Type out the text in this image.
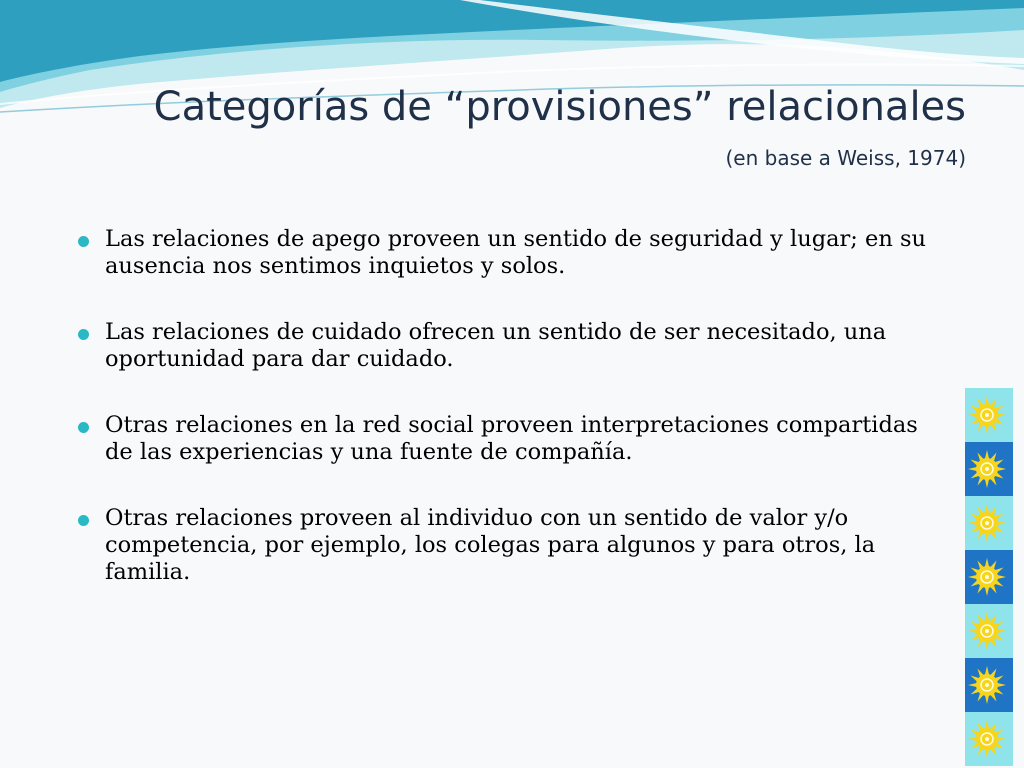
Categorías de “provisiones” relacionales
(en base a Weiss, 1974)
Las relaciones de apego proveen un sentido de seguridad y lugar; en su ausencia nos sentimos inquietos y solos.
Las relaciones de cuidado ofrecen un sentido de ser necesitado, una oportunidad para dar cuidado.
Otras relaciones en la red social proveen interpretaciones compartidas de las experiencias y una fuente de compañía.
Otras relaciones proveen al individuo con un sentido de valor y/o competencia, por ejemplo, los colegas para algunos y para otros, la familia.
